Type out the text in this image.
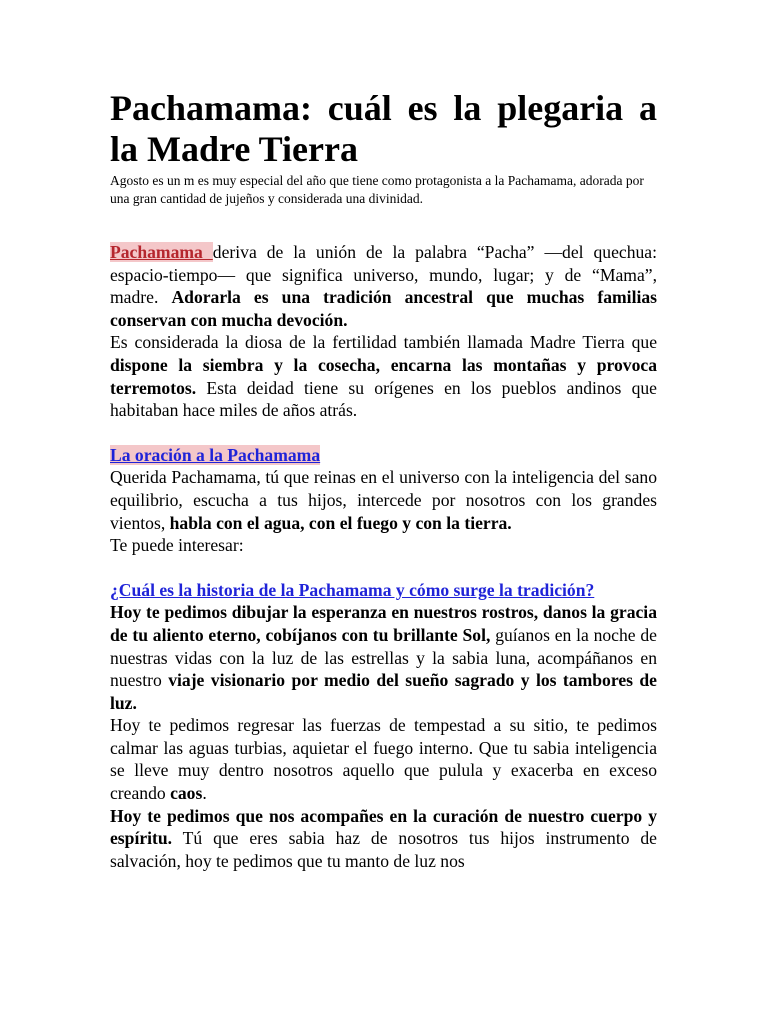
Pachamama: cuál es la plegaria a la Madre Tierra
Agosto es un m es muy especial del año que tiene como protagonista a la Pachamama, adorada por una gran cantidad de jujeños y considerada una divinidad.

Pachamama deriva de la unión de la palabra “Pacha” —del quechua: espacio-tiempo— que significa universo, mundo, lugar; y de “Mama”, madre. Adorarla es una tradición ancestral que muchas familias conservan con mucha devoción.

Es considerada la diosa de la fertilidad también llamada Madre Tierra que dispone la siembra y la cosecha, encarna las montañas y provoca terremotos. Esta deidad tiene su orígenes en los pueblos andinos que habitaban hace miles de años atrás.

La oración a la Pachamama

Querida Pachamama, tú que reinas en el universo con la inteligencia del sano equilibrio, escucha a tus hijos, intercede por nosotros con los grandes vientos, habla con el agua, con el fuego y con la tierra.

Te puede interesar:

¿Cuál es la historia de la Pachamama y cómo surge la tradición?

Hoy te pedimos dibujar la esperanza en nuestros rostros, danos la gracia de tu aliento eterno, cobíjanos con tu brillante Sol, guíanos en la noche de nuestras vidas con la luz de las estrellas y la sabia luna, acompáñanos en nuestro viaje visionario por medio del sueño sagrado y los tambores de luz.

Hoy te pedimos regresar las fuerzas de tempestad a su sitio, te pedimos calmar las aguas turbias, aquietar el fuego interno. Que tu sabia inteligencia se lleve muy dentro nosotros aquello que pulula y exacerba en exceso creando caos.

Hoy te pedimos que nos acompañes en la curación de nuestro cuerpo y espíritu. Tú que eres sabia haz de nosotros tus hijos instrumento de salvación, hoy te pedimos que tu manto de luz nos
